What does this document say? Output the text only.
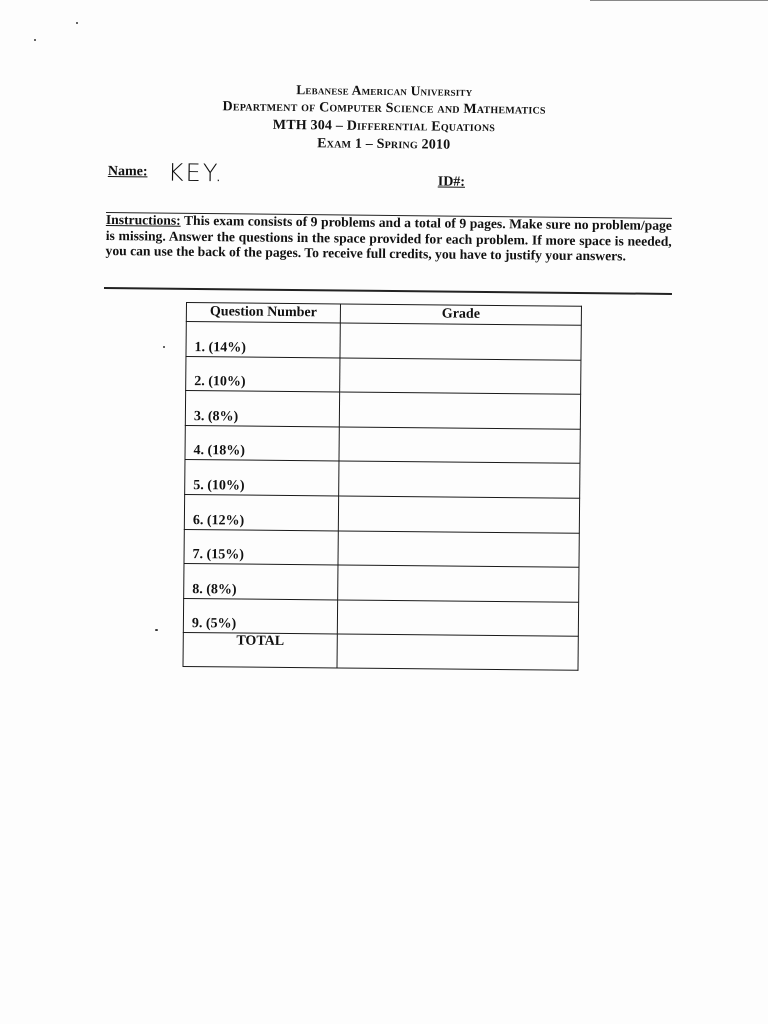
Lebanese American University
Department of Computer Science and Mathematics
MTH 304 – Differential Equations
Exam 1 – Spring 2010
Name: KEY.	ID#:
Instructions: This exam consists of 9 problems and a total of 9 pages. Make sure no problem/page is missing. Answer the questions in the space provided for each problem. If more space is needed, you can use the back of the pages. To receive full credits, you have to justify your answers.
Question Number	Grade
1. (14%)	
2. (10%)	
3. (8%)	
4. (18%)	
5. (10%)	
6. (12%)	
7. (15%)	
8. (8%)	
9. (5%)	
TOTAL	
